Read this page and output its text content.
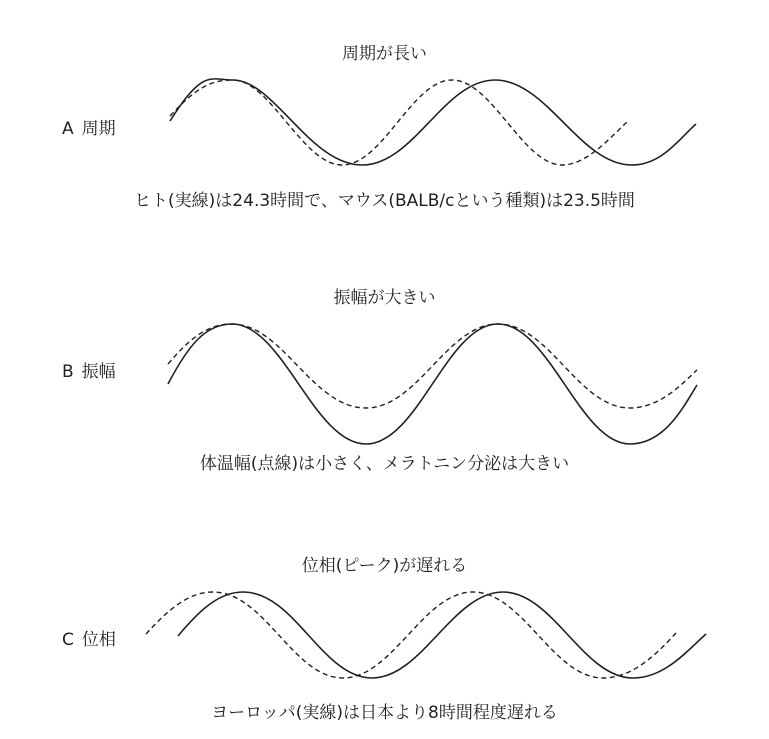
周期が長い
A 周期
ヒト(実線)は24.3時間で、マウス(BALB/cという種類)は23.5時間
振幅が大きい
B 振幅
体温幅(点線)は小さく、メラトニン分泌は大きい
位相(ピーク)が遅れる
C 位相
ヨーロッパ(実線)は日本より8時間程度遅れる
